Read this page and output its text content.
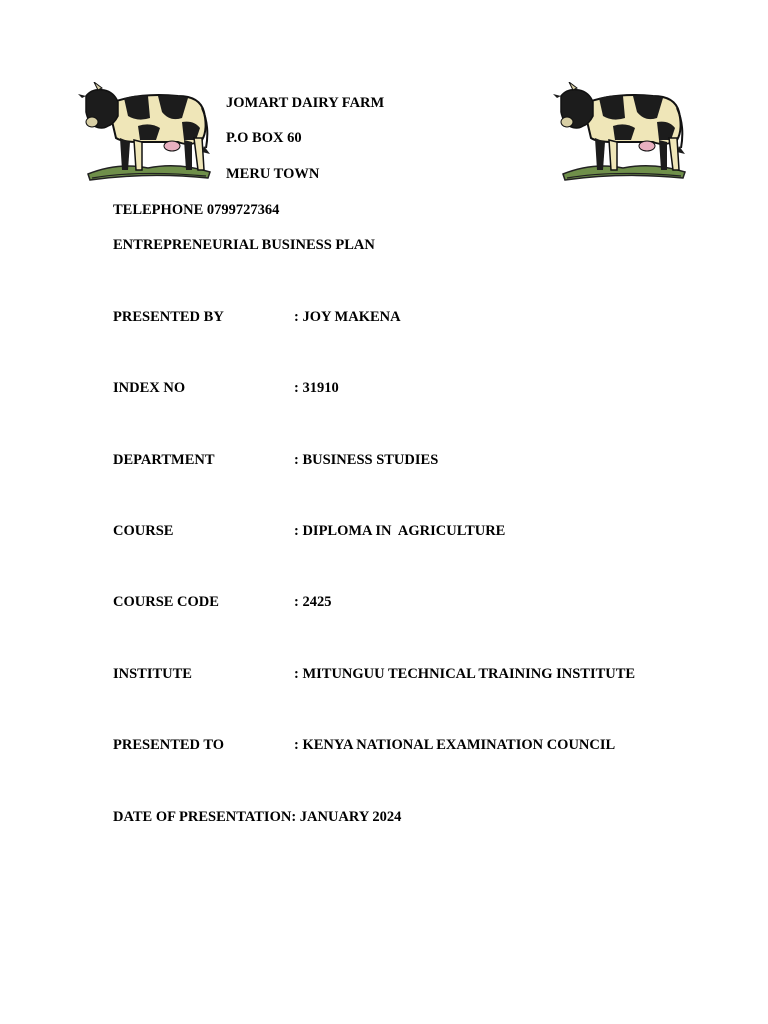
JOMART DAIRY FARM
P.O BOX 60
MERU TOWN
TELEPHONE 0799727364
ENTREPRENEURIAL BUSINESS PLAN
PRESENTED BY	: JOY MAKENA
INDEX NO	: 31910
DEPARTMENT	: BUSINESS STUDIES
COURSE	: DIPLOMA IN  AGRICULTURE
COURSE CODE	: 2425
INSTITUTE	: MITUNGUU TECHNICAL TRAINING INSTITUTE
PRESENTED TO	: KENYA NATIONAL EXAMINATION COUNCIL
DATE OF PRESENTATION: JANUARY 2024
